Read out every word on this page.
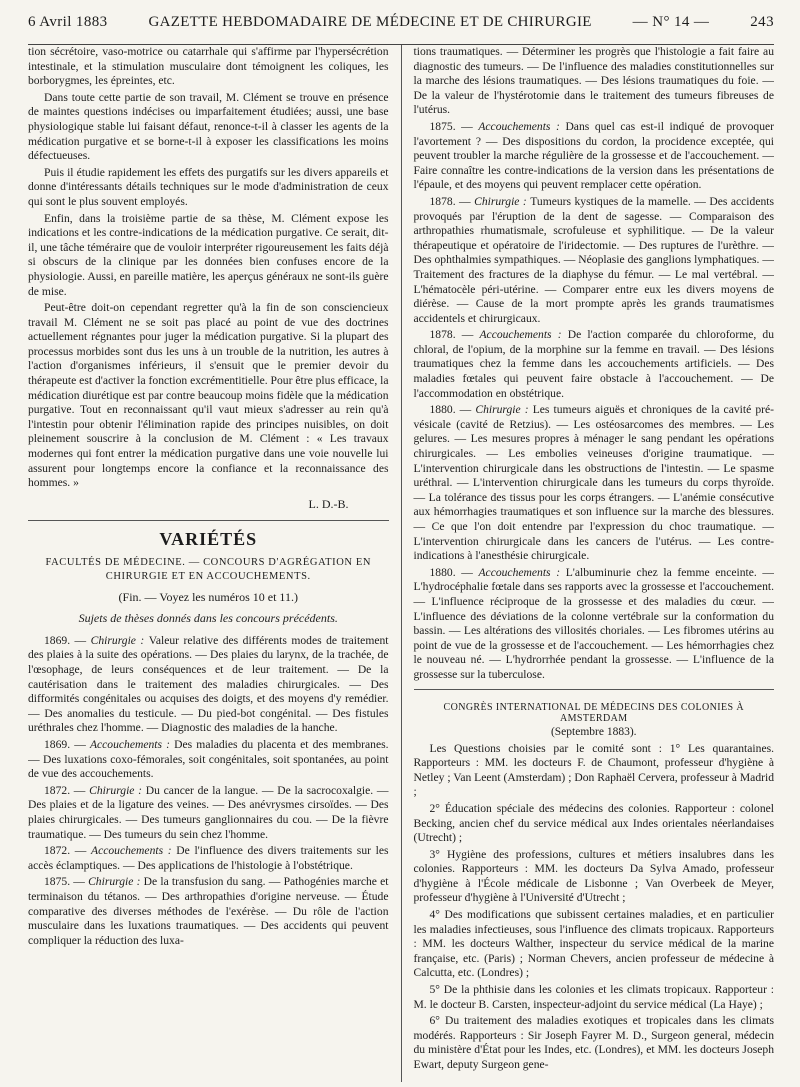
6 Avril 1883	GAZETTE HEBDOMADAIRE DE MÉDECINE ET DE CHIRURGIE	— N° 14 —	243

tion sécrétoire, vaso-motrice ou catarrhale qui s'affirme par l'hypersécrétion intestinale, et la stimulation musculaire dont témoignent les coliques, les borborygmes, les épreintes, etc.

Dans toute cette partie de son travail, M. Clément se trouve en présence de maintes questions indécises ou imparfaitement étudiées; aussi, une base physiologique stable lui faisant défaut, renonce-t-il à classer les agents de la médication purgative et se borne-t-il à exposer les classifications les moins défectueuses.

Puis il étudie rapidement les effets des purgatifs sur les divers appareils et donne d'intéressants détails techniques sur le mode d'administration de ceux qui sont le plus souvent employés.

Enfin, dans la troisième partie de sa thèse, M. Clément expose les indications et les contre-indications de la médication purgative. Ce serait, dit-il, une tâche téméraire que de vouloir interpréter rigoureusement les faits déjà si obscurs de la clinique par les données bien confuses encore de la physiologie. Aussi, en pareille matière, les aperçus généraux ne sont-ils guère de mise.

Peut-être doit-on cependant regretter qu'à la fin de son consciencieux travail M. Clément ne se soit pas placé au point de vue des doctrines actuellement régnantes pour juger la médication purgative. Si la plupart des processus morbides sont dus les uns à un trouble de la nutrition, les autres à l'action d'organismes inférieurs, il s'ensuit que le premier devoir du thérapeute est d'activer la fonction excrémentitielle. Pour être plus efficace, la médication diurétique est par contre beaucoup moins fidèle que la médication purgative. Tout en reconnaissant qu'il vaut mieux s'adresser au rein qu'à l'intestin pour obtenir l'élimination rapide des principes nuisibles, on doit pleinement souscrire à la conclusion de M. Clément : « Les travaux modernes qui font entrer la médication purgative dans une voie nouvelle lui assurent pour longtemps encore la confiance et la reconnaissance des hommes. »

L. D.-B.
VARIÉTÉS
FACULTÉS DE MÉDECINE. — CONCOURS D'AGRÉGATION EN CHIRURGIE ET EN ACCOUCHEMENTS.
(Fin. — Voyez les numéros 10 et 11.)
Sujets de thèses donnés dans les concours précédents.

1869. — Chirurgie : Valeur relative des différents modes de traitement des plaies à la suite des opérations. — Des plaies du larynx, de la trachée, de l'œsophage, de leurs conséquences et de leur traitement. — De la cautérisation dans le traitement des maladies chirurgicales. — Des difformités congénitales ou acquises des doigts, et des moyens d'y remédier. — Des anomalies du testicule. — Du pied-bot congénital. — Des fistules uréthrales chez l'homme. — Diagnostic des maladies de la hanche.

1869. — Accouchements : Des maladies du placenta et des membranes. — Des luxations coxo-fémorales, soit congénitales, soit spontanées, au point de vue des accouchements.

1872. — Chirurgie : Du cancer de la langue. — De la sacrocoxalgie. — Des plaies et de la ligature des veines. — Des anévrysmes cirsoïdes. — Des plaies chirurgicales. — Des tumeurs ganglionnaires du cou. — De la fièvre traumatique. — Des tumeurs du sein chez l'homme.

1872. — Accouchements : De l'influence des divers traitements sur les accès éclamptiques. — Des applications de l'histologie à l'obstétrique.

1875. — Chirurgie : De la transfusion du sang. — Pathogénies marche et terminaison du tétanos. — Des arthropathies d'origine nerveuse. — Étude comparative des diverses méthodes de l'exérèse. — Du rôle de l'action musculaire dans les luxations traumatiques. — Des accidents qui peuvent compliquer la réduction des luxa-

tions traumatiques. — Déterminer les progrès que l'histologie a fait faire au diagnostic des tumeurs. — De l'influence des maladies constitutionnelles sur la marche des lésions traumatiques. — Des lésions traumatiques du foie. — De la valeur de l'hystérotomie dans le traitement des tumeurs fibreuses de l'utérus.

1875. — Accouchements : Dans quel cas est-il indiqué de provoquer l'avortement ? — Des dispositions du cordon, la procidence exceptée, qui peuvent troubler la marche régulière de la grossesse et de l'accouchement. — Faire connaître les contre-indications de la version dans les présentations de l'épaule, et des moyens qui peuvent remplacer cette opération.

1878. — Chirurgie : Tumeurs kystiques de la mamelle. — Des accidents provoqués par l'éruption de la dent de sagesse. — Comparaison des arthropathies rhumatismale, scrofuleuse et syphilitique. — De la valeur thérapeutique et opératoire de l'iridectomie. — Des ruptures de l'urèthre. — Des ophthalmies sympathiques. — Néoplasie des ganglions lymphatiques. — Traitement des fractures de la diaphyse du fémur. — Le mal vertébral. — L'hématocèle péri-utérine. — Comparer entre eux les divers moyens de diérèse. — Cause de la mort prompte après les grands traumatismes accidentels et chirurgicaux.

1878. — Accouchements : De l'action comparée du chloroforme, du chloral, de l'opium, de la morphine sur la femme en travail. — Des lésions traumatiques chez la femme dans les accouchements artificiels. — Des maladies fœtales qui peuvent faire obstacle à l'accouchement. — De l'accommodation en obstétrique.

1880. — Chirurgie : Les tumeurs aiguës et chroniques de la cavité pré-vésicale (cavité de Retzius). — Les ostéosarcomes des membres. — Les gelures. — Les mesures propres à ménager le sang pendant les opérations chirurgicales. — Les embolies veineuses d'origine traumatique. — L'intervention chirurgicale dans les obstructions de l'intestin. — Le spasme uréthral. — L'intervention chirurgicale dans les tumeurs du corps thyroïde. — La tolérance des tissus pour les corps étrangers. — L'anémie consécutive aux hémorrhagies traumatiques et son influence sur la marche des blessures. — Ce que l'on doit entendre par l'expression du choc traumatique. — L'intervention chirurgicale dans les cancers de l'utérus. — Les contre-indications à l'anesthésie chirurgicale.

1880. — Accouchements : L'albuminurie chez la femme enceinte. — L'hydrocéphalie fœtale dans ses rapports avec la grossesse et l'accouchement. — L'influence réciproque de la grossesse et des maladies du cœur. — L'influence des déviations de la colonne vertébrale sur la conformation du bassin. — Les altérations des villosités choriales. — Les fibromes utérins au point de vue de la grossesse et de l'accouchement. — Les hémorrhagies chez le nouveau né. — L'hydrorrhée pendant la grossesse. — L'influence de la grossesse sur la tuberculose.

CONGRÈS INTERNATIONAL DE MÉDECINS DES COLONIES À AMSTERDAM
(Septembre 1883).

Les Questions choisies par le comité sont : 1° Les quarantaines. Rapporteurs : MM. les docteurs F. de Chaumont, professeur d'hygiène à Netley ; Van Leent (Amsterdam) ; Don Raphaël Cervera, professeur à Madrid ;

2° Éducation spéciale des médecins des colonies. Rapporteur : colonel Becking, ancien chef du service médical aux Indes orientales néerlandaises (Utrecht) ;

3° Hygiène des professions, cultures et métiers insalubres dans les colonies. Rapporteurs : MM. les docteurs Da Sylva Amado, professeur d'hygiène à l'École médicale de Lisbonne ; Van Overbeek de Meyer, professeur d'hygiène à l'Université d'Utrecht ;

4° Des modifications que subissent certaines maladies, et en particulier les maladies infectieuses, sous l'influence des climats tropicaux. Rapporteurs : MM. les docteurs Walther, inspecteur du service médical de la marine française, etc. (Paris) ; Norman Chevers, ancien professeur de médecine à Calcutta, etc. (Londres) ;

5° De la phthisie dans les colonies et les climats tropicaux. Rapporteur : M. le docteur B. Carsten, inspecteur-adjoint du service médical (La Haye) ;

6° Du traitement des maladies exotiques et tropicales dans les climats modérés. Rapporteurs : Sir Joseph Fayrer M. D., Surgeon general, médecin du ministère d'État pour les Indes, etc. (Londres), et MM. les docteurs Joseph Ewart, deputy Surgeon gene-
